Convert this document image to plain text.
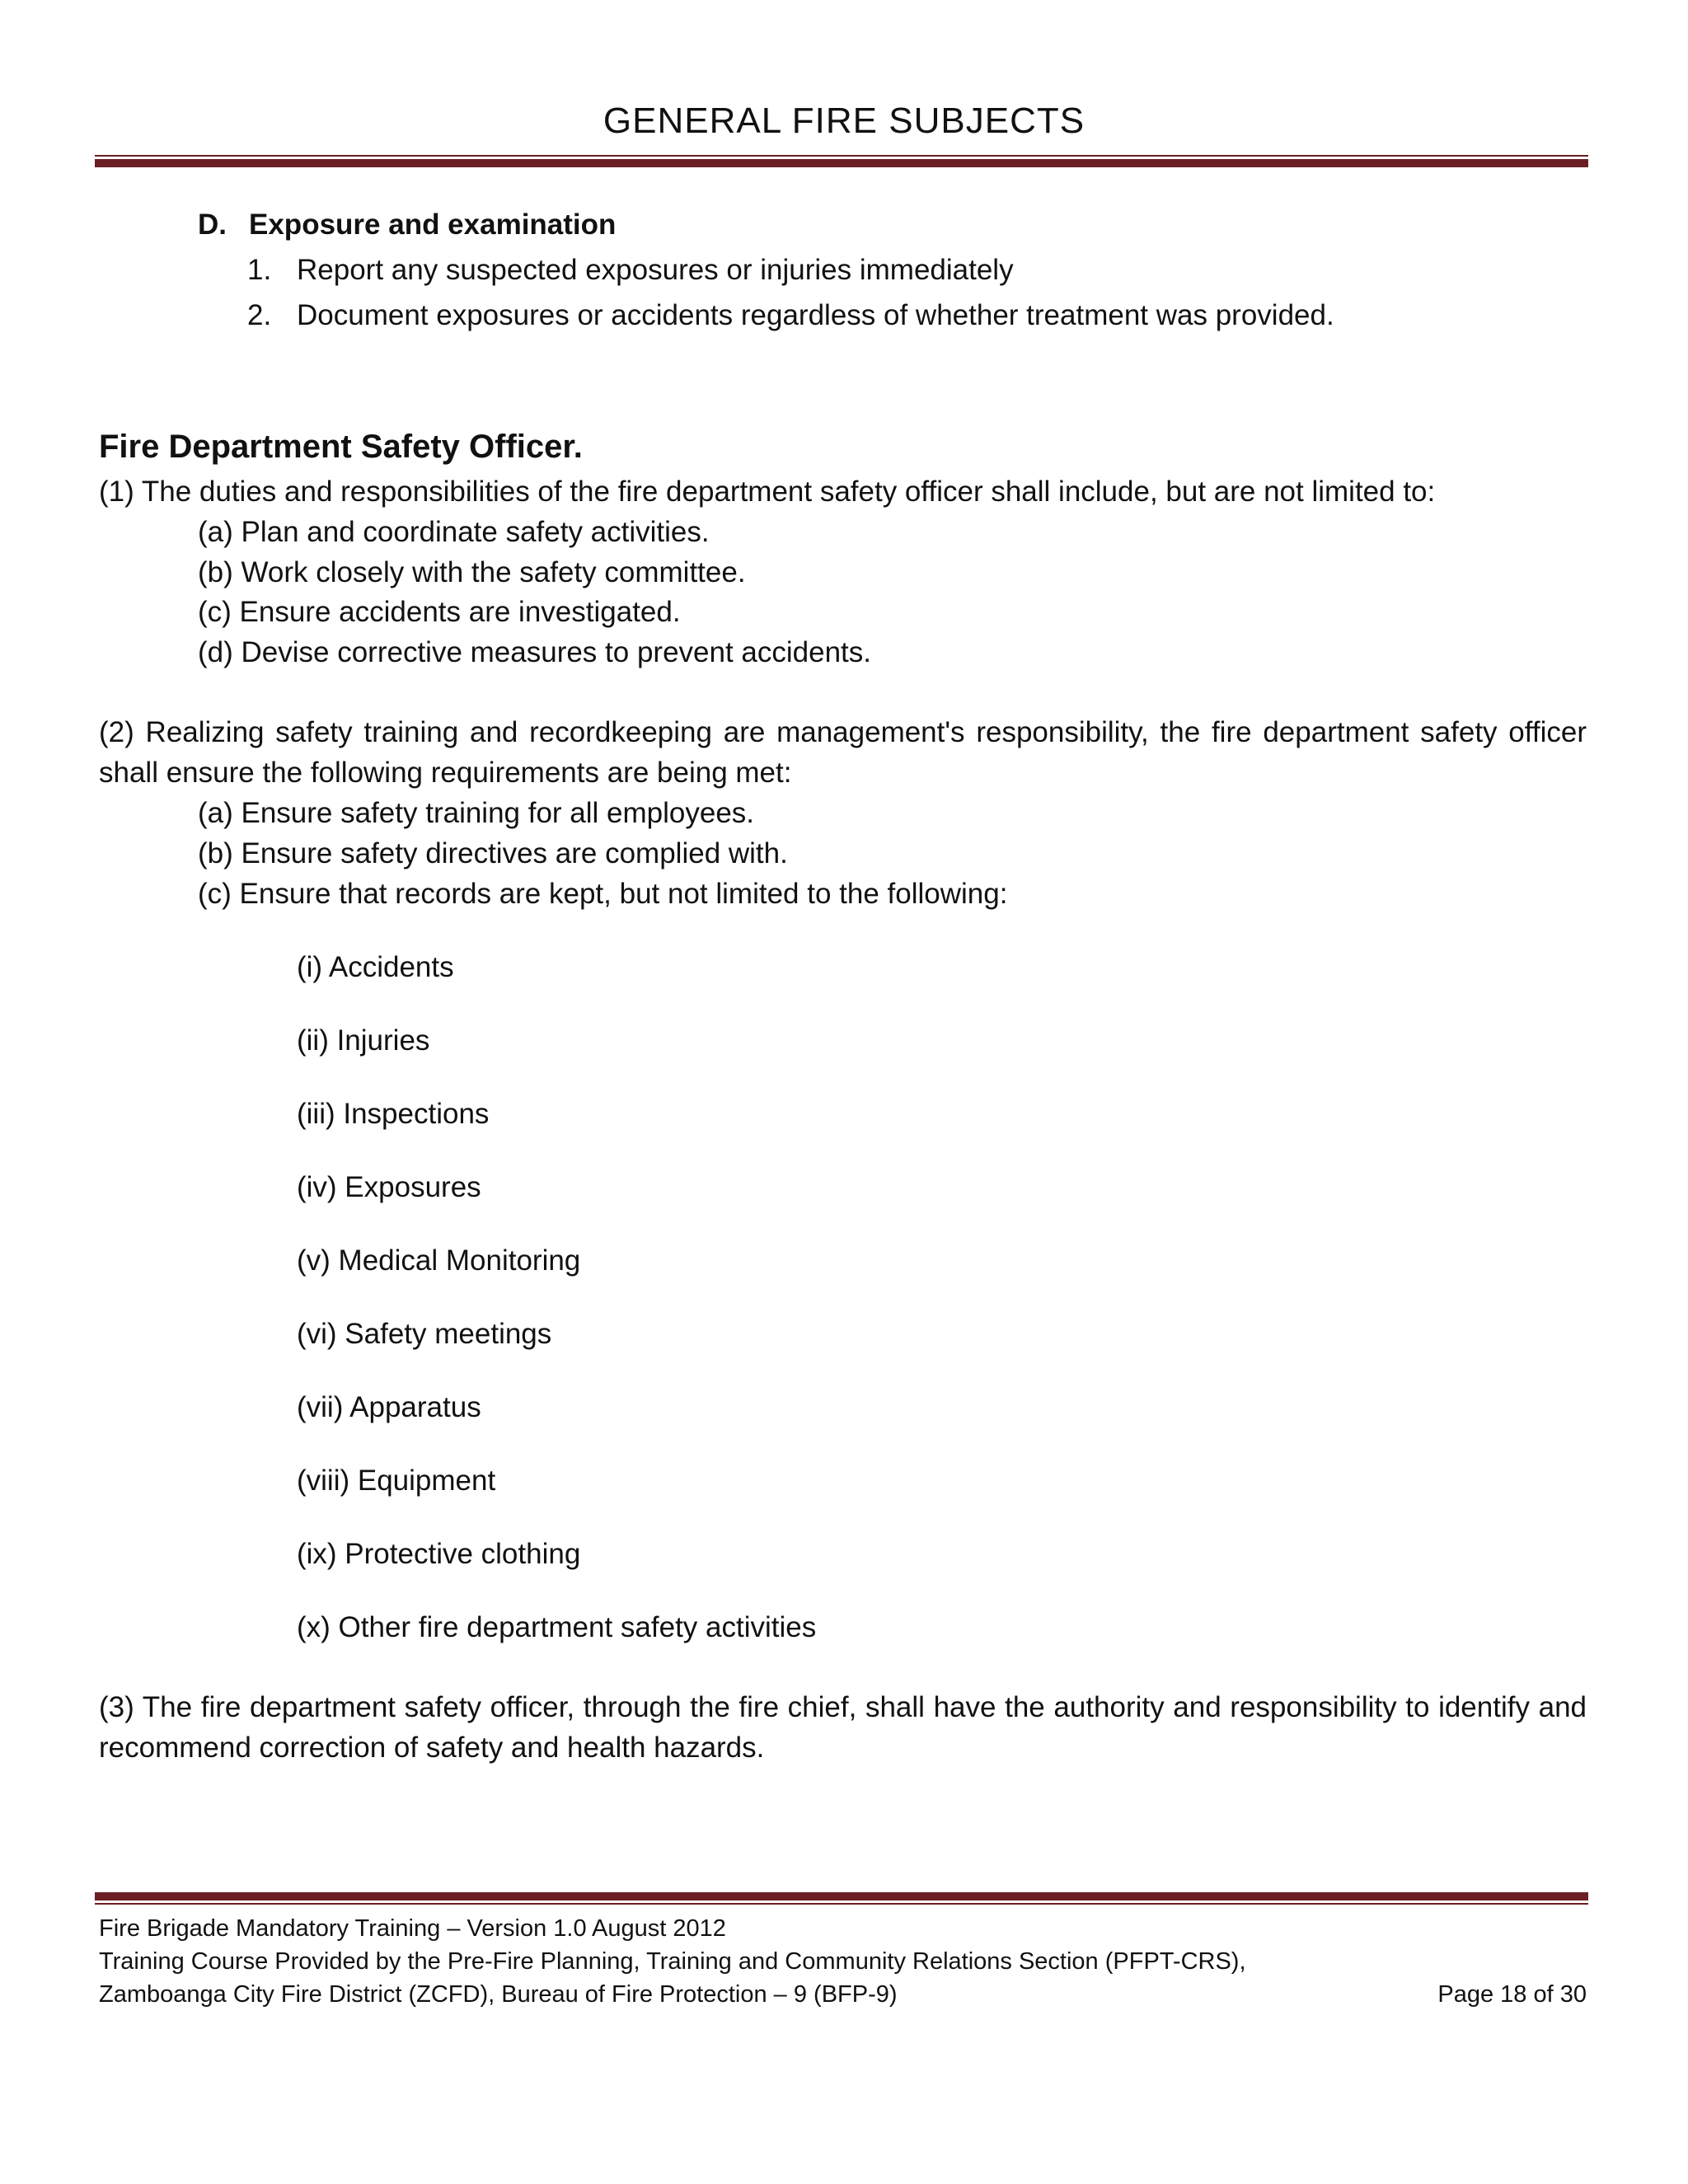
GENERAL FIRE SUBJECTS
D. Exposure and examination
1. Report any suspected exposures or injuries immediately
2. Document exposures or accidents regardless of whether treatment was provided.
Fire Department Safety Officer.
(1) The duties and responsibilities of the fire department safety officer shall include, but are not limited to:
(a) Plan and coordinate safety activities.
(b) Work closely with the safety committee.
(c) Ensure accidents are investigated.
(d) Devise corrective measures to prevent accidents.
(2) Realizing safety training and recordkeeping are management's responsibility, the fire department safety officer shall ensure the following requirements are being met:
(a) Ensure safety training for all employees.
(b) Ensure safety directives are complied with.
(c) Ensure that records are kept, but not limited to the following:
(i) Accidents
(ii) Injuries
(iii) Inspections
(iv) Exposures
(v) Medical Monitoring
(vi) Safety meetings
(vii) Apparatus
(viii) Equipment
(ix) Protective clothing
(x) Other fire department safety activities
(3) The fire department safety officer, through the fire chief, shall have the authority and responsibility to identify and recommend correction of safety and health hazards.
Fire Brigade Mandatory Training – Version 1.0 August 2012
Training Course Provided by the Pre-Fire Planning, Training and Community Relations Section (PFPT-CRS),
Zamboanga City Fire District (ZCFD), Bureau of Fire Protection – 9 (BFP-9)	Page 18 of 30
